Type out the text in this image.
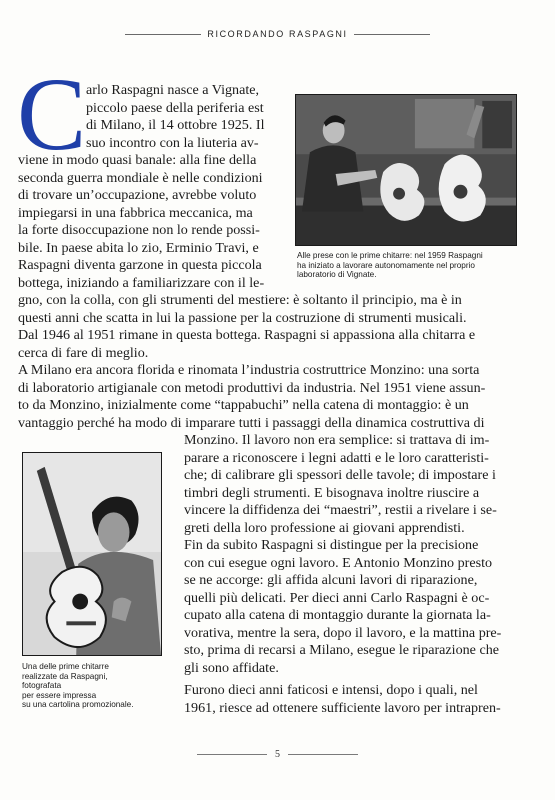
RICORDANDO RASPAGNI
C arlo Raspagni nasce a Vignate,
piccolo paese della periferia est
di Milano, il 14 ottobre 1925. Il
suo incontro con la liuteria av-
viene in modo quasi banale: alla fine della
seconda guerra mondiale è nelle condizioni
di trovare un’occupazione, avrebbe voluto
impiegarsi in una fabbrica meccanica, ma
la forte disoccupazione non lo rende possi-
bile. In paese abita lo zio, Erminio Travi, e
Raspagni diventa garzone in questa piccola
bottega, iniziando a familiarizzare con il le-
gno, con la colla, con gli strumenti del mestiere: è soltanto il principio, ma è in
questi anni che scatta in lui la passione per la costruzione di strumenti musicali.
Dal 1946 al 1951 rimane in questa bottega. Raspagni si appassiona alla chitarra e
cerca di fare di meglio.
A Milano era ancora florida e rinomata l’industria costruttrice Monzino: una sorta
di laboratorio artigianale con metodi produttivi da industria. Nel 1951 viene assun-
to da Monzino, inizialmente come “tappabuchi” nella catena di montaggio: è un
vantaggio perché ha modo di imparare tutti i passaggi della dinamica costruttiva di
Monzino. Il lavoro non era semplice: si trattava di im-
parare a riconoscere i legni adatti e le loro caratteristi-
che; di calibrare gli spessori delle tavole; di impostare i
timbri degli strumenti. E bisognava inoltre riuscire a
vincere la diffidenza dei “maestri”, restii a rivelare i se-
greti della loro professione ai giovani apprendisti.
Fin da subito Raspagni si distingue per la precisione
con cui esegue ogni lavoro. E Antonio Monzino presto
se ne accorge: gli affida alcuni lavori di riparazione,
quelli più delicati. Per dieci anni Carlo Raspagni è oc-
cupato alla catena di montaggio durante la giornata la-
vorativa, mentre la sera, dopo il lavoro, e la mattina pre-
sto, prima di recarsi a Milano, esegue le riparazione che
gli sono affidate.
Furono dieci anni faticosi e intensi, dopo i quali, nel
1961, riesce ad ottenere sufficiente lavoro per intrapren-
Alle prese con le prime chitarre: nel 1959 Raspagni
ha iniziato a lavorare autonomamente nel proprio
laboratorio di Vignate.
Una delle prime chitarre
realizzate da Raspagni,
fotografata
per essere impressa
su una cartolina promozionale.
5
